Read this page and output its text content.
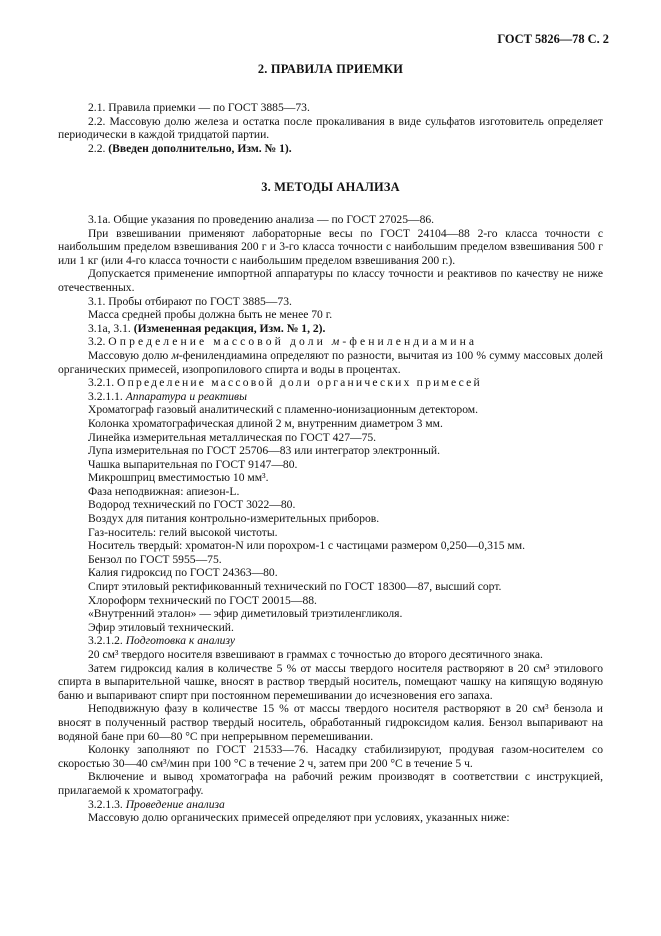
ГОСТ 5826—78 С. 2
2. ПРАВИЛА ПРИЕМКИ

2.1. Правила приемки — по ГОСТ 3885—73.

2.2. Массовую долю железа и остатка после прокаливания в виде сульфатов изготовитель определяет периодически в каждой тридцатой партии.

2.2. (Введен дополнительно, Изм. № 1).

3. МЕТОДЫ АНАЛИЗА

3.1а. Общие указания по проведению анализа — по ГОСТ 27025—86.

При взвешивании применяют лабораторные весы по ГОСТ 24104—88 2-го класса точности с наибольшим пределом взвешивания 200 г и 3-го класса точности с наибольшим пределом взвешивания 500 г или 1 кг (или 4-го класса точности с наибольшим пределом взвешивания 200 г.).

Допускается применение импортной аппаратуры по классу точности и реактивов по качеству не ниже отечественных.

3.1. Пробы отбирают по ГОСТ 3885—73.

Масса средней пробы должна быть не менее 70 г.

3.1а, 3.1. (Измененная редакция, Изм. № 1, 2).

3.2. Определение массовой доли м-фенилендиамина

Массовую долю м-фенилендиамина определяют по разности, вычитая из 100 % сумму массовых долей органических примесей, изопропилового спирта и воды в процентах.

3.2.1. Определение массовой доли органических примесей

3.2.1.1. Аппаратура и реактивы

Хроматограф газовый аналитический с пламенно-ионизационным детектором.

Колонка хроматографическая длиной 2 м, внутренним диаметром 3 мм.

Линейка измерительная металлическая по ГОСТ 427—75.

Лупа измерительная по ГОСТ 25706—83 или интегратор электронный.

Чашка выпарительная по ГОСТ 9147—80.

Микрошприц вместимостью 10 мм³.

Фаза неподвижная: апиезон-L.

Водород технический по ГОСТ 3022—80.

Воздух для питания контрольно-измерительных приборов.

Газ-носитель: гелий высокой чистоты.

Носитель твердый: хроматон-N или порохром-1 с частицами размером 0,250—0,315 мм.

Бензол по ГОСТ 5955—75.

Калия гидроксид по ГОСТ 24363—80.

Спирт этиловый ректификованный технический по ГОСТ 18300—87, высший сорт.

Хлороформ технический по ГОСТ 20015—88.

«Внутренний эталон» — эфир диметиловый триэтиленгликоля.

Эфир этиловый технический.

3.2.1.2. Подготовка к анализу

20 см³ твердого носителя взвешивают в граммах с точностью до второго десятичного знака.

Затем гидроксид калия в количестве 5 % от массы твердого носителя растворяют в 20 см³ этилового спирта в выпарительной чашке, вносят в раствор твердый носитель, помещают чашку на кипящую водяную баню и выпаривают спирт при постоянном перемешивании до исчезновения его запаха.

Неподвижную фазу в количестве 15 % от массы твердого носителя растворяют в 20 см³ бензола и вносят в полученный раствор твердый носитель, обработанный гидроксидом калия. Бензол выпаривают на водяной бане при 60—80 °С при непрерывном перемешивании.

Колонку заполняют по ГОСТ 21533—76. Насадку стабилизируют, продувая газом-носителем со скоростью 30—40 см³/мин при 100 °С в течение 2 ч, затем при 200 °С в течение 5 ч.

Включение и вывод хроматографа на рабочий режим производят в соответствии с инструкцией, прилагаемой к хроматографу.

3.2.1.3. Проведение анализа

Массовую долю органических примесей определяют при условиях, указанных ниже:
